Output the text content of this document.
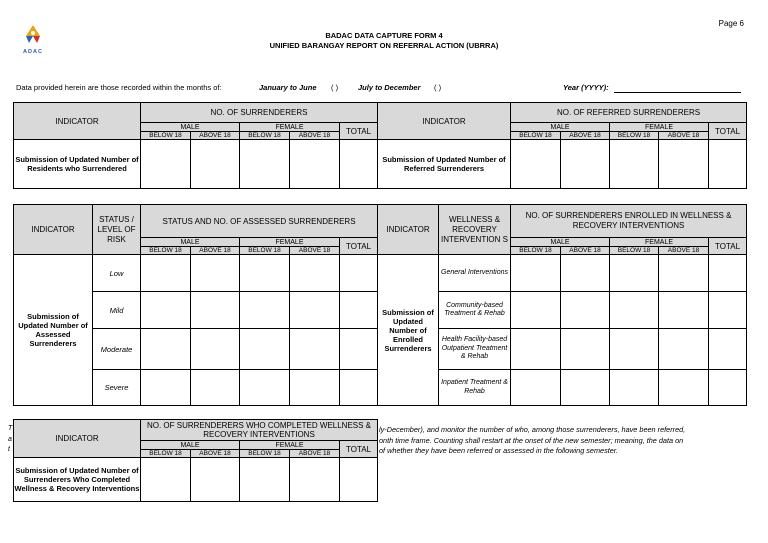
ADAC
Page 6
BADAC DATA CAPTURE FORM 4
UNIFIED BARANGAY REPORT ON REFERRAL ACTION (UBRRA)
Data provided herein are those recorded within the months of:	January to June ( )	July to December ( )	Year (YYYY):
INDICATOR	NO. OF SURRENDERERS					INDICATOR	NO. OF REFERRED SURRENDERERS				
	MALE		FEMALE		TOTAL		MALE		FEMALE		TOTAL
	BELOW 18	ABOVE 18	BELOW 18	ABOVE 18			BELOW 18	ABOVE 18	BELOW 18	ABOVE 18	
Submission of Updated Number of Residents who Surrendered						Submission of Updated Number of Referred Surrenderers					
INDICATOR	STATUS / LEVEL OF RISK	STATUS AND NO. OF ASSESSED SURRENDERERS					INDICATOR	WELLNESS & RECOVERY INTERVENTION S	NO. OF SURRENDERERS ENROLLED IN WELLNESS & RECOVERY INTERVENTIONS				
		MALE		FEMALE		TOTAL			MALE		FEMALE		TOTAL
		BELOW 18	ABOVE 18	BELOW 18	ABOVE 18				BELOW 18	ABOVE 18	BELOW 18	ABOVE 18	
Submission of Updated Number of Assessed Surrenderers	Low						Submission of Updated Number of Enrolled Surrenderers	General Interventions					
	Mild							Community-based Treatment & Rehab					
	Moderate							Health Facility-based Outpatient Treatment & Rehab					
	Severe							Inpatient Treatment & Rehab					
T
a
t
ly-December), and monitor the number of who, among those surrenderers, have been referred,
onth time frame. Counting shall restart at the onset of the new semester; meaning, the data on
of whether they have been referred or assessed in the following semester.
INDICATOR	NO. OF SURRENDERERS WHO COMPLETED WELLNESS & RECOVERY INTERVENTIONS				
	MALE		FEMALE		TOTAL
	BELOW 18	ABOVE 18	BELOW 18	ABOVE 18	
Submission of Updated Number of Surrenderers Who Completed Wellness & Recovery Interventions					
